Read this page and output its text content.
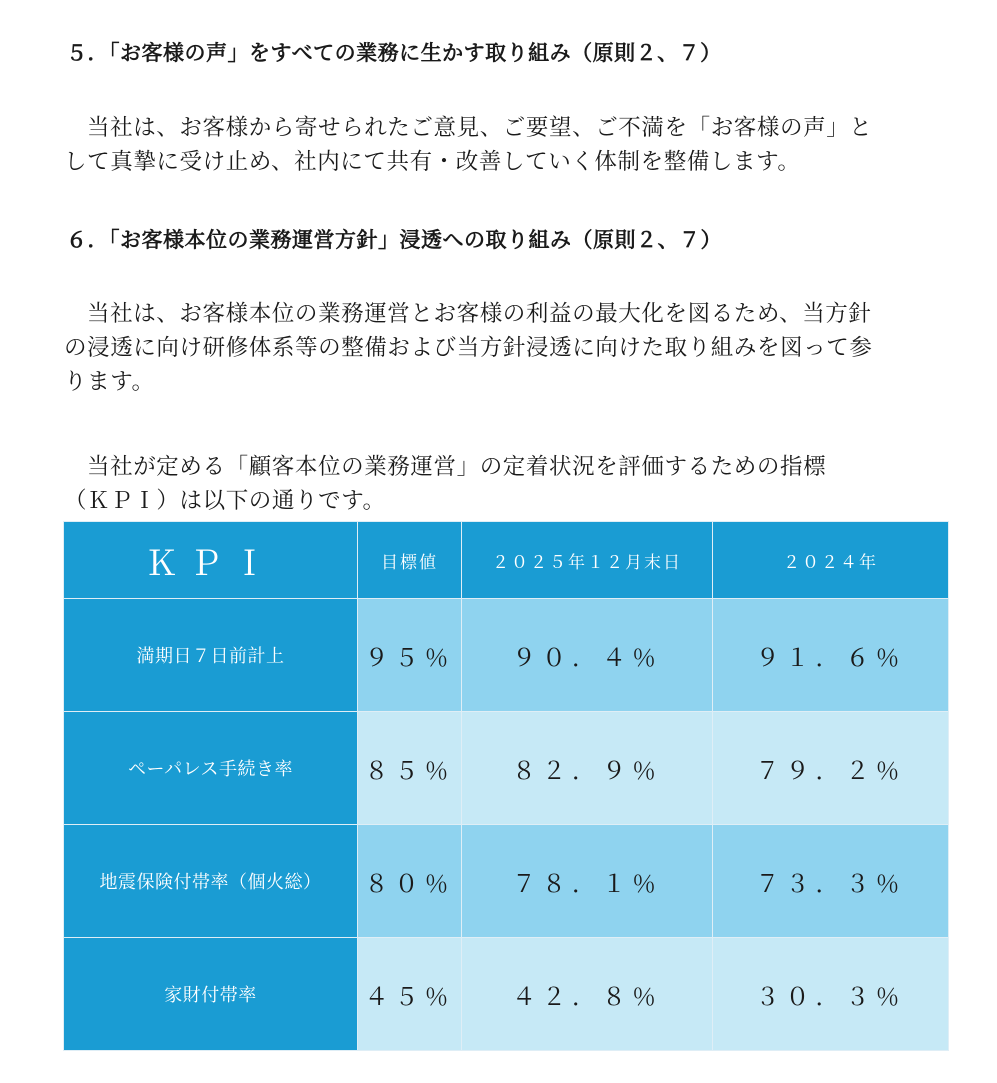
５．「お客様の声」をすべての業務に生かす取り組み（原則２、７）
当社は、お客様から寄せられたご意見、ご要望、ご不満を「お客様の声」と
して真摯に受け止め、社内にて共有・改善していく体制を整備します。
６．「お客様本位の業務運営方針」浸透への取り組み（原則２、７）
当社は、お客様本位の業務運営とお客様の利益の最大化を図るため、当方針
の浸透に向け研修体系等の整備および当方針浸透に向けた取り組みを図って参
ります。
当社が定める「顧客本位の業務運営」の定着状況を評価するための指標
（ＫＰＩ）は以下の通りです。
ＫＰＩ	目標値	２０２５年１２月末日	２０２４年
満期日７日前計上	９５％	９０．４％	９１．６％
ペーパレス手続き率	８５％	８２．９％	７９．２％
地震保険付帯率（個火総）	８０％	７８．１％	７３．３％
家財付帯率	４５％	４２．８％	３０．３％
